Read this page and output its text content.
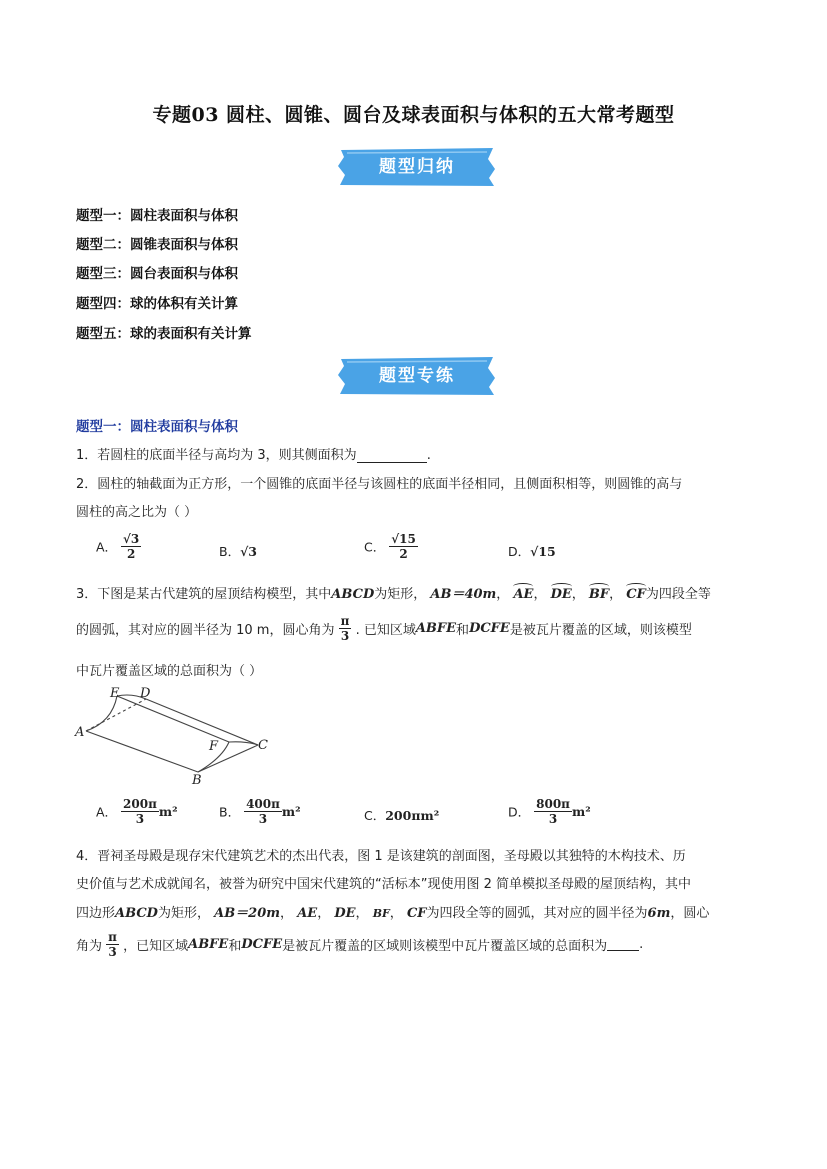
专题03 圆柱、圆锥、圆台及球表面积与体积的五大常考题型
题型归纳
题型一：圆柱表面积与体积
题型二：圆锥表面积与体积
题型三：圆台表面积与体积
题型四：球的体积有关计算
题型五：球的表面积有关计算
题型专练
题型一：圆柱表面积与体积
1．若圆柱的底面半径与高均为 3，则其侧面积为	.
2．圆柱的轴截面为正方形，一个圆锥的底面半径与该圆柱的底面半径相同，且侧面积相等，则圆锥的高与
圆柱的高之比为（ ）
A． $\frac{√3}{2}$	B．√3	C． $\frac{√15}{2}$	D．√15
3．下图是某古代建筑的屋顶结构模型，其中ABCD为矩形， AB＝40m， AE， DE， BF， CF为四段全等
的圆弧，其对应的圆半径为 10 m，圆心角为 $\frac{\pi}{3}$ . 已知区域ABFE和DCFE是被瓦片覆盖的区域，则该模型
中瓦片覆盖区域的总面积为（ ）
E D
A
F	C
B
A． $\frac{200\pi}{3} m^2$	B． $\frac{400\pi}{3} m^2$	C．200πm²	D． $\frac{800\pi}{3} m^2$
4．晋祠圣母殿是现存宋代建筑艺术的杰出代表，图 1 是该建筑的剖面图，圣母殿以其独特的木构技术、历
史价值与艺术成就闻名，被誉为研究中国宋代建筑的“活标本”现使用图 2 简单模拟圣母殿的屋顶结构，其中
四边形ABCD为矩形， AB＝20m， AE， DE， BF， CF为四段全等的圆弧，其对应的圆半径为6m，圆心
角为 $\frac{\pi}{3}$ ，已知区域ABFE和DCFE是被瓦片覆盖的区域则该模型中瓦片覆盖区域的总面积为 .
